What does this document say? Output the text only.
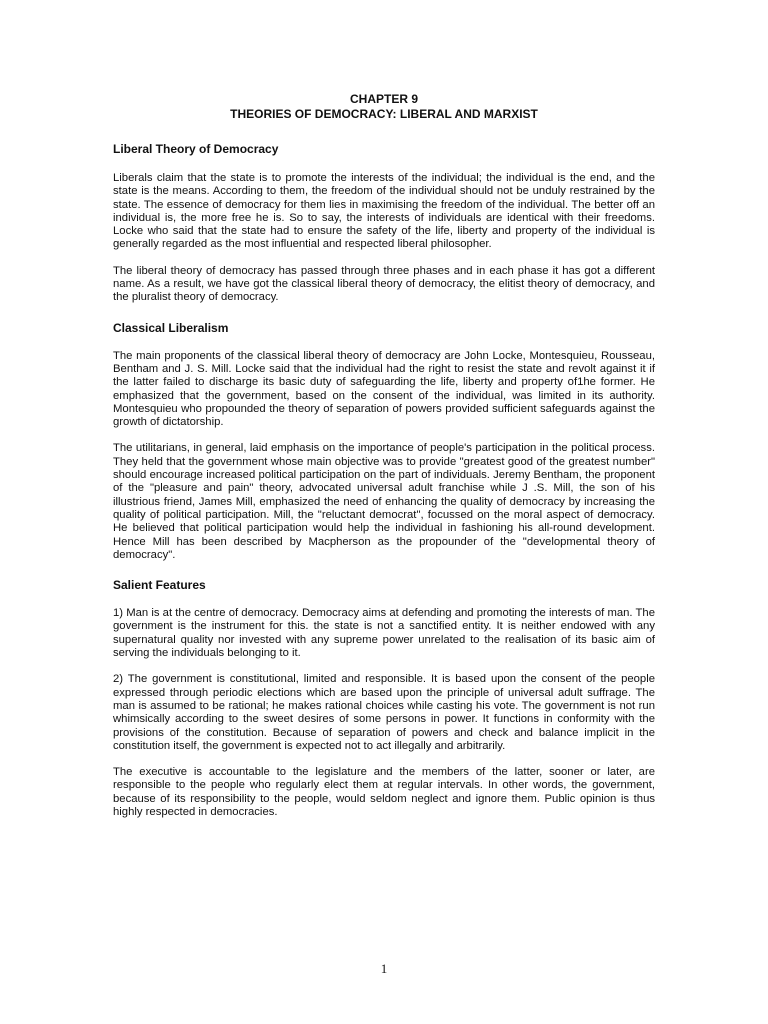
CHAPTER 9
THEORIES OF DEMOCRACY: LIBERAL AND MARXIST
Liberal Theory of Democracy

Liberals claim that the state is to promote the interests of the individual; the individual is the end, and the state is the means. According to them, the freedom of the individual should not be unduly restrained by the state. The essence of democracy for them lies in maximising the freedom of the individual. The better off an individual is, the more free he is. So to say, the interests of individuals are identical with their freedoms. Locke who said that the state had to ensure the safety of the life, liberty and property of the individual is generally regarded as the most influential and respected liberal philosopher.

The liberal theory of democracy has passed through three phases and in each phase it has got a different name. As a result, we have got the classical liberal theory of democracy, the elitist theory of democracy, and the pluralist theory of democracy.

Classical Liberalism

The main proponents of the classical liberal theory of democracy are John Locke, Montesquieu, Rousseau, Bentham and J. S. Mill. Locke said that the individual had the right to resist the state and revolt against it if the latter failed to discharge its basic duty of safeguarding the life, liberty and property of1he former. He emphasized that the government, based on the consent of the individual, was limited in its authority. Montesquieu who propounded the theory of separation of powers provided sufficient safeguards against the growth of dictatorship.

The utilitarians, in general, laid emphasis on the importance of people's participation in the political process. They held that the government whose main objective was to provide "greatest good of the greatest number" should encourage increased political participation on the part of individuals. Jeremy Bentham, the proponent of the "pleasure and pain" theory, advocated universal adult franchise while J .S. Mill, the son of his illustrious friend, James Mill, emphasized the need of enhancing the quality of democracy by increasing the quality of political participation. Mill, the "reluctant democrat", focussed on the moral aspect of democracy. He believed that political participation would help the individual in fashioning his all-round development. Hence Mill has been described by Macpherson as the propounder of the "developmental theory of democracy".

Salient Features

1) Man is at the centre of democracy. Democracy aims at defending and promoting the interests of man. The government is the instrument for this. the state is not a sanctified entity. It is neither endowed with any supernatural quality nor invested with any supreme power unrelated to the realisation of its basic aim of serving the individuals belonging to it.

2) The government is constitutional, limited and responsible. It is based upon the consent of the people expressed through periodic elections which are based upon the principle of universal adult suffrage. The man is assumed to be rational; he makes rational choices while casting his vote. The government is not run whimsically according to the sweet desires of some persons in power. It functions in conformity with the provisions of the constitution. Because of separation of powers and check and balance implicit in the constitution itself, the government is expected not to act illegally and arbitrarily.

The executive is accountable to the legislature and the members of the latter, sooner or later, are responsible to the people who regularly elect them at regular intervals. In other words, the government, because of its responsibility to the people, would seldom neglect and ignore them. Public opinion is thus highly respected in democracies.

1
